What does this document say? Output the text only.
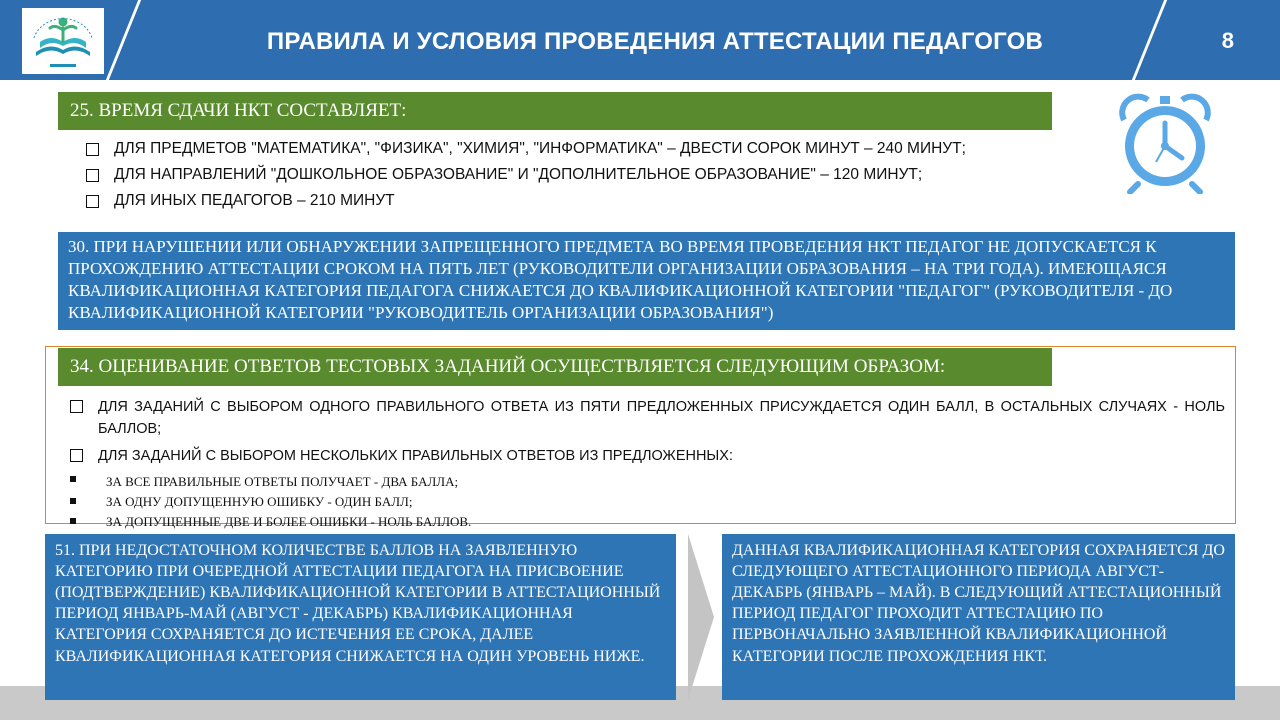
ПРАВИЛА И УСЛОВИЯ ПРОВЕДЕНИЯ АТТЕСТАЦИИ ПЕДАГОГОВ	8
25. ВРЕМЯ СДАЧИ НКТ СОСТАВЛЯЕТ:
ДЛЯ ПРЕДМЕТОВ "МАТЕМАТИКА", "ФИЗИКА", "ХИМИЯ", "ИНФОРМАТИКА" – ДВЕСТИ СОРОК МИНУТ – 240 МИНУТ;
ДЛЯ НАПРАВЛЕНИЙ "ДОШКОЛЬНОЕ ОБРАЗОВАНИЕ" И "ДОПОЛНИТЕЛЬНОЕ ОБРАЗОВАНИЕ" – 120 МИНУТ;
ДЛЯ ИНЫХ ПЕДАГОГОВ – 210 МИНУТ
30. ПРИ НАРУШЕНИИ ИЛИ ОБНАРУЖЕНИИ ЗАПРЕЩЕННОГО ПРЕДМЕТА ВО ВРЕМЯ ПРОВЕДЕНИЯ НКТ ПЕДАГОГ НЕ ДОПУСКАЕТСЯ К ПРОХОЖДЕНИЮ АТТЕСТАЦИИ СРОКОМ НА ПЯТЬ ЛЕТ (РУКОВОДИТЕЛИ ОРГАНИЗАЦИИ ОБРАЗОВАНИЯ – НА ТРИ ГОДА). ИМЕЮЩАЯСЯ КВАЛИФИКАЦИОННАЯ КАТЕГОРИЯ ПЕДАГОГА СНИЖАЕТСЯ ДО КВАЛИФИКАЦИОННОЙ КАТЕГОРИИ "ПЕДАГОГ" (РУКОВОДИТЕЛЯ - ДО КВАЛИФИКАЦИОННОЙ КАТЕГОРИИ "РУКОВОДИТЕЛЬ ОРГАНИЗАЦИИ ОБРАЗОВАНИЯ")
34. ОЦЕНИВАНИЕ ОТВЕТОВ ТЕСТОВЫХ ЗАДАНИЙ ОСУЩЕСТВЛЯЕТСЯ СЛЕДУЮЩИМ ОБРАЗОМ:
ДЛЯ ЗАДАНИЙ С ВЫБОРОМ ОДНОГО ПРАВИЛЬНОГО ОТВЕТА ИЗ ПЯТИ ПРЕДЛОЖЕННЫХ ПРИСУЖДАЕТСЯ ОДИН БАЛЛ, В ОСТАЛЬНЫХ СЛУЧАЯХ - НОЛЬ БАЛЛОВ;
ДЛЯ ЗАДАНИЙ С ВЫБОРОМ НЕСКОЛЬКИХ ПРАВИЛЬНЫХ ОТВЕТОВ ИЗ ПРЕДЛОЖЕННЫХ:
ЗА ВСЕ ПРАВИЛЬНЫЕ ОТВЕТЫ ПОЛУЧАЕТ - ДВА БАЛЛА;
ЗА ОДНУ ДОПУЩЕННУЮ ОШИБКУ - ОДИН БАЛЛ;
ЗА ДОПУЩЕННЫЕ ДВЕ И БОЛЕЕ ОШИБКИ - НОЛЬ БАЛЛОВ.
51. ПРИ НЕДОСТАТОЧНОМ КОЛИЧЕСТВЕ БАЛЛОВ НА ЗАЯВЛЕННУЮ КАТЕГОРИЮ ПРИ ОЧЕРЕДНОЙ АТТЕСТАЦИИ ПЕДАГОГА НА ПРИСВОЕНИЕ (ПОДТВЕРЖДЕНИЕ) КВАЛИФИКАЦИОННОЙ КАТЕГОРИИ В АТТЕСТАЦИОННЫЙ ПЕРИОД ЯНВАРЬ-МАЙ (АВГУСТ - ДЕКАБРЬ) КВАЛИФИКАЦИОННАЯ КАТЕГОРИЯ СОХРАНЯЕТСЯ ДО ИСТЕЧЕНИЯ ЕЕ СРОКА, ДАЛЕЕ КВАЛИФИКАЦИОННАЯ КАТЕГОРИЯ СНИЖАЕТСЯ НА ОДИН УРОВЕНЬ НИЖЕ.
ДАННАЯ КВАЛИФИКАЦИОННАЯ КАТЕГОРИЯ СОХРАНЯЕТСЯ ДО СЛЕДУЮЩЕГО АТТЕСТАЦИОННОГО ПЕРИОДА АВГУСТ-ДЕКАБРЬ (ЯНВАРЬ – МАЙ). В СЛЕДУЮЩИЙ АТТЕСТАЦИОННЫЙ ПЕРИОД ПЕДАГОГ ПРОХОДИТ АТТЕСТАЦИЮ ПО ПЕРВОНАЧАЛЬНО ЗАЯВЛЕННОЙ КВАЛИФИКАЦИОННОЙ КАТЕГОРИИ ПОСЛЕ ПРОХОЖДЕНИЯ НКТ.
